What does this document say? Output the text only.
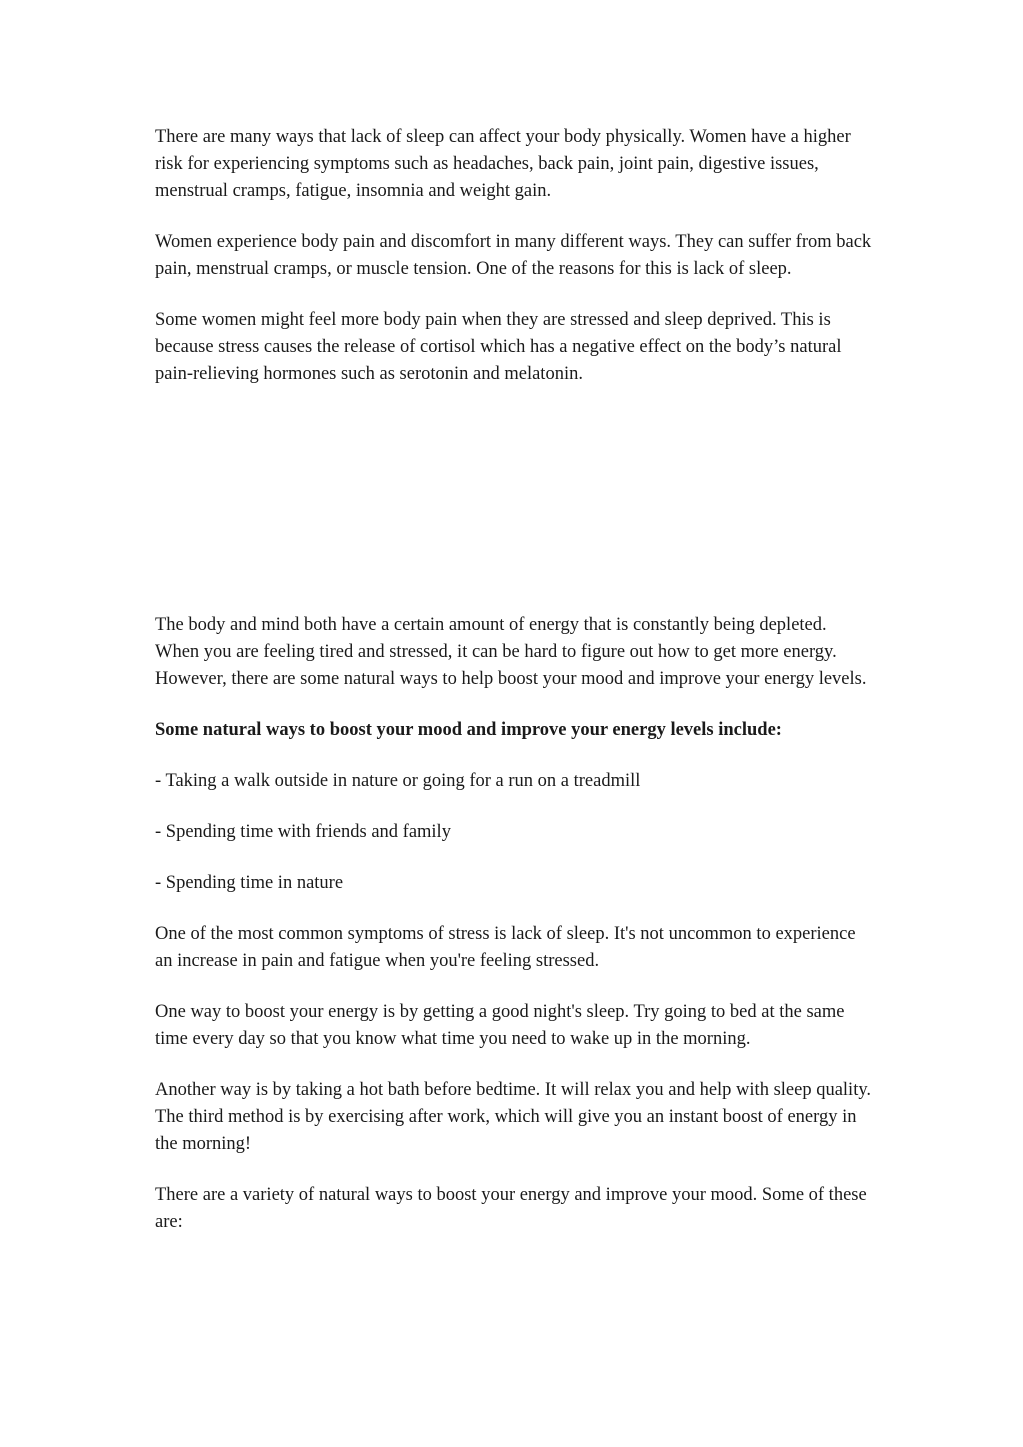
There are many ways that lack of sleep can affect your body physically. Women have a higher risk for experiencing symptoms such as headaches, back pain, joint pain, digestive issues, menstrual cramps, fatigue, insomnia and weight gain.

Women experience body pain and discomfort in many different ways. They can suffer from back pain, menstrual cramps, or muscle tension. One of the reasons for this is lack of sleep.

Some women might feel more body pain when they are stressed and sleep deprived. This is because stress causes the release of cortisol which has a negative effect on the body’s natural pain-relieving hormones such as serotonin and melatonin.

The body and mind both have a certain amount of energy that is constantly being depleted. When you are feeling tired and stressed, it can be hard to figure out how to get more energy. However, there are some natural ways to help boost your mood and improve your energy levels.

Some natural ways to boost your mood and improve your energy levels include:

- Taking a walk outside in nature or going for a run on a treadmill

- Spending time with friends and family

- Spending time in nature

One of the most common symptoms of stress is lack of sleep. It's not uncommon to experience an increase in pain and fatigue when you're feeling stressed.

One way to boost your energy is by getting a good night's sleep. Try going to bed at the same time every day so that you know what time you need to wake up in the morning.

Another way is by taking a hot bath before bedtime. It will relax you and help with sleep quality. The third method is by exercising after work, which will give you an instant boost of energy in the morning!

There are a variety of natural ways to boost your energy and improve your mood. Some of these are:
